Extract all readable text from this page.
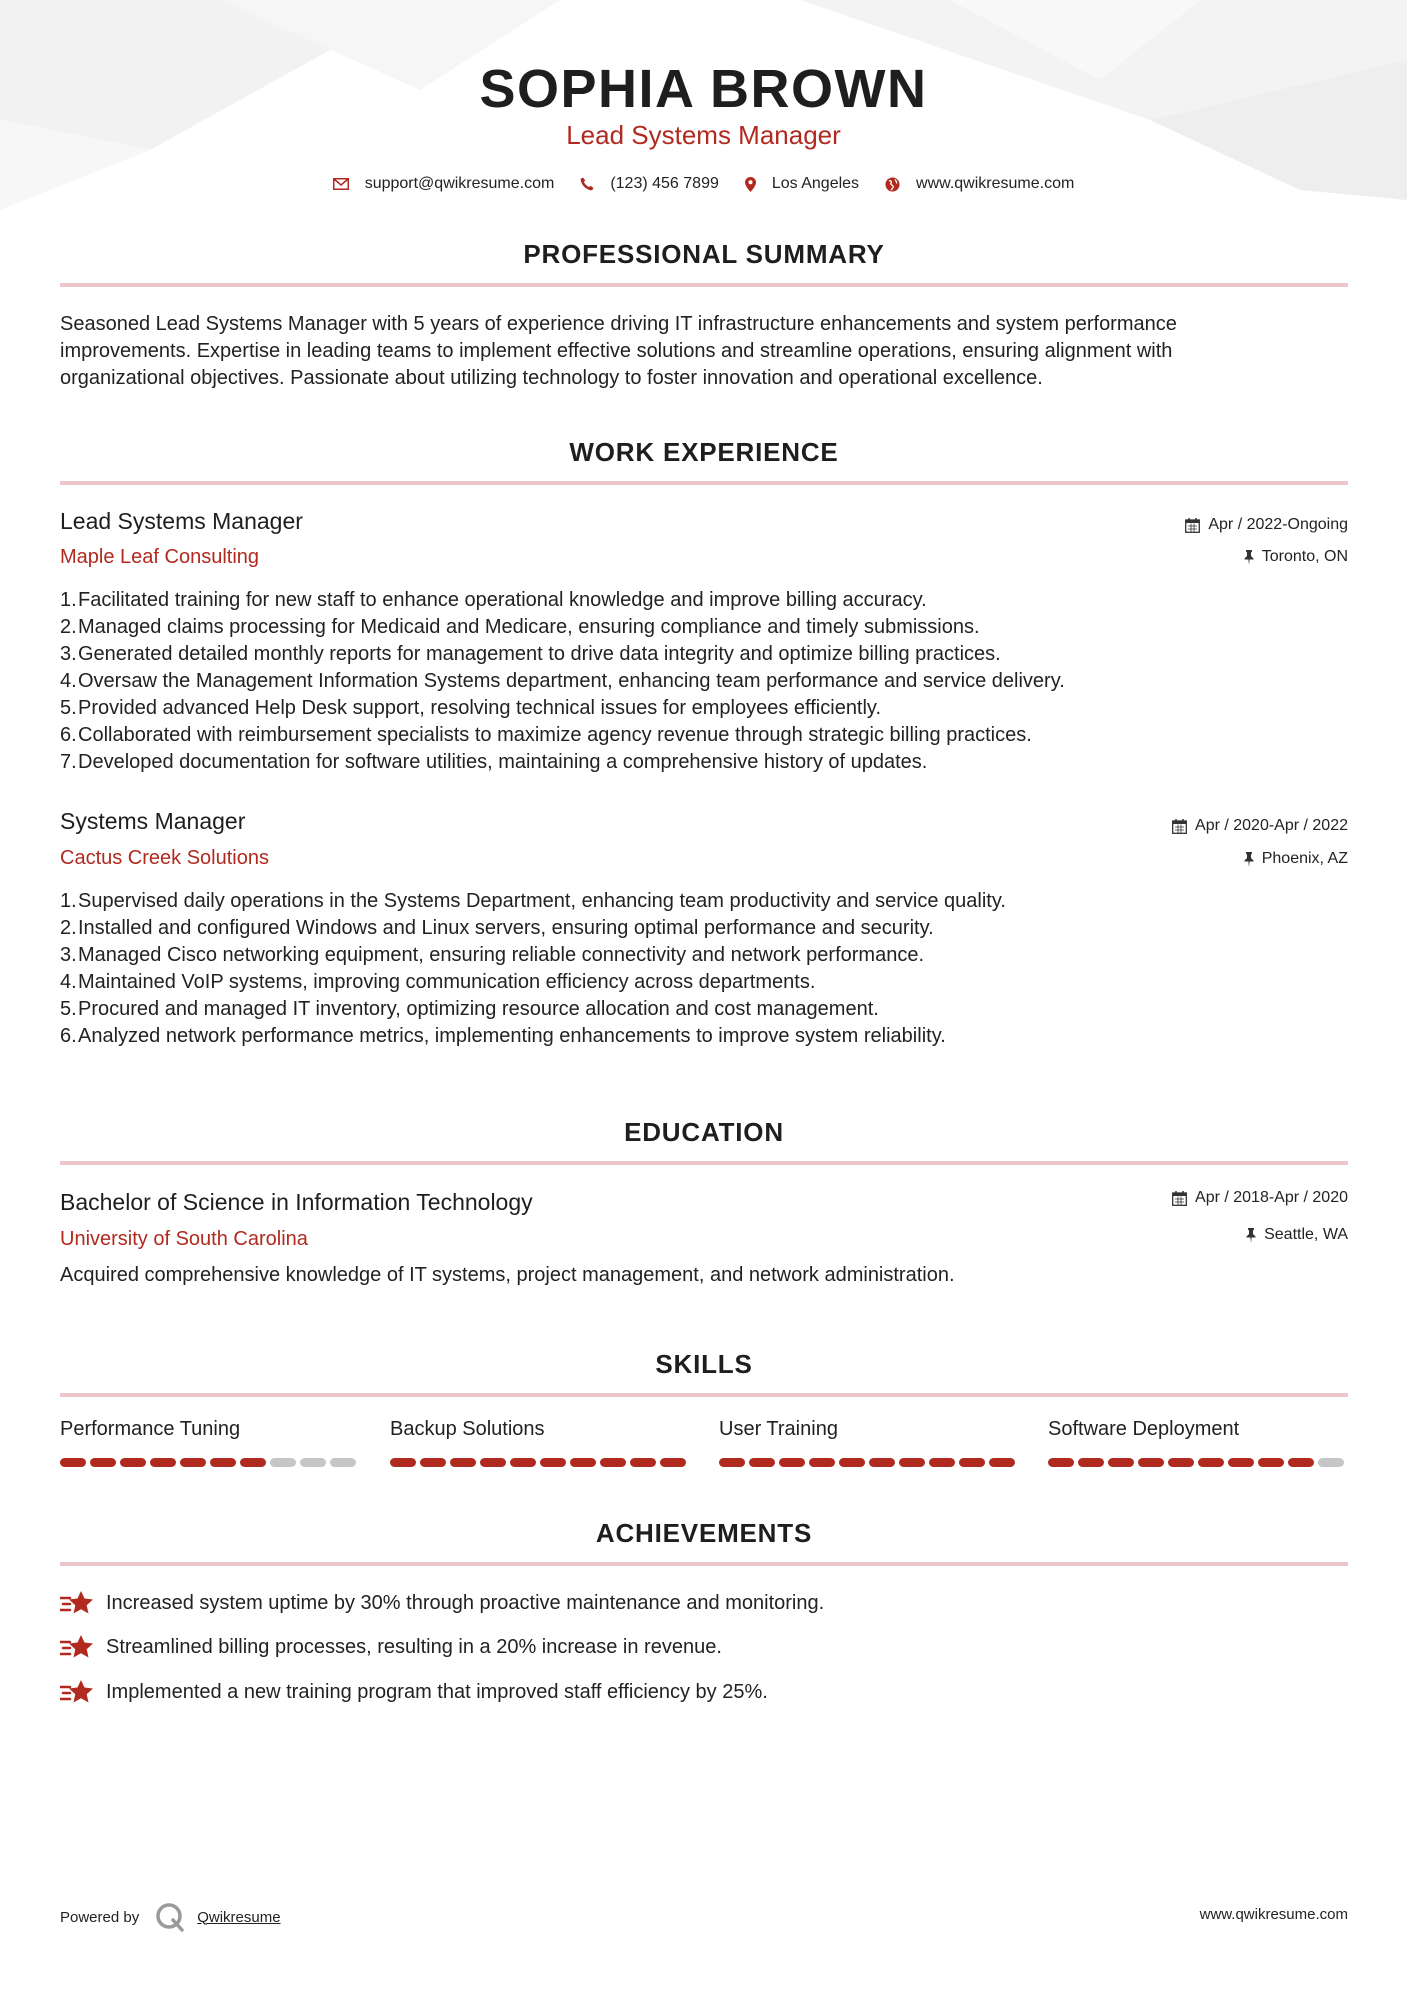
SOPHIA BROWN
Lead Systems Manager
support@qwikresume.com	(123) 456 7899	Los Angeles	www.qwikresume.com
PROFESSIONAL SUMMARY
Seasoned Lead Systems Manager with 5 years of experience driving IT infrastructure enhancements and system performance
improvements. Expertise in leading teams to implement effective solutions and streamline operations, ensuring alignment with
organizational objectives. Passionate about utilizing technology to foster innovation and operational excellence.
WORK EXPERIENCE
Lead Systems Manager
Maple Leaf Consulting
Apr / 2022-Ongoing
Toronto, ON
1.Facilitated training for new staff to enhance operational knowledge and improve billing accuracy.
2.Managed claims processing for Medicaid and Medicare, ensuring compliance and timely submissions.
3.Generated detailed monthly reports for management to drive data integrity and optimize billing practices.
4.Oversaw the Management Information Systems department, enhancing team performance and service delivery.
5.Provided advanced Help Desk support, resolving technical issues for employees efficiently.
6.Collaborated with reimbursement specialists to maximize agency revenue through strategic billing practices.
7.Developed documentation for software utilities, maintaining a comprehensive history of updates.
Systems Manager
Cactus Creek Solutions
Apr / 2020-Apr / 2022
Phoenix, AZ
1.Supervised daily operations in the Systems Department, enhancing team productivity and service quality.
2.Installed and configured Windows and Linux servers, ensuring optimal performance and security.
3.Managed Cisco networking equipment, ensuring reliable connectivity and network performance.
4.Maintained VoIP systems, improving communication efficiency across departments.
5.Procured and managed IT inventory, optimizing resource allocation and cost management.
6.Analyzed network performance metrics, implementing enhancements to improve system reliability.
EDUCATION
Bachelor of Science in Information Technology
University of South Carolina
Apr / 2018-Apr / 2020
Seattle, WA
Acquired comprehensive knowledge of IT systems, project management, and network administration.
SKILLS
Performance Tuning	Backup Solutions	User Training	Software Deployment
ACHIEVEMENTS
Increased system uptime by 30% through proactive maintenance and monitoring.
Streamlined billing processes, resulting in a 20% increase in revenue.
Implemented a new training program that improved staff efficiency by 25%.
Powered by	Qwikresume	www.qwikresume.com
